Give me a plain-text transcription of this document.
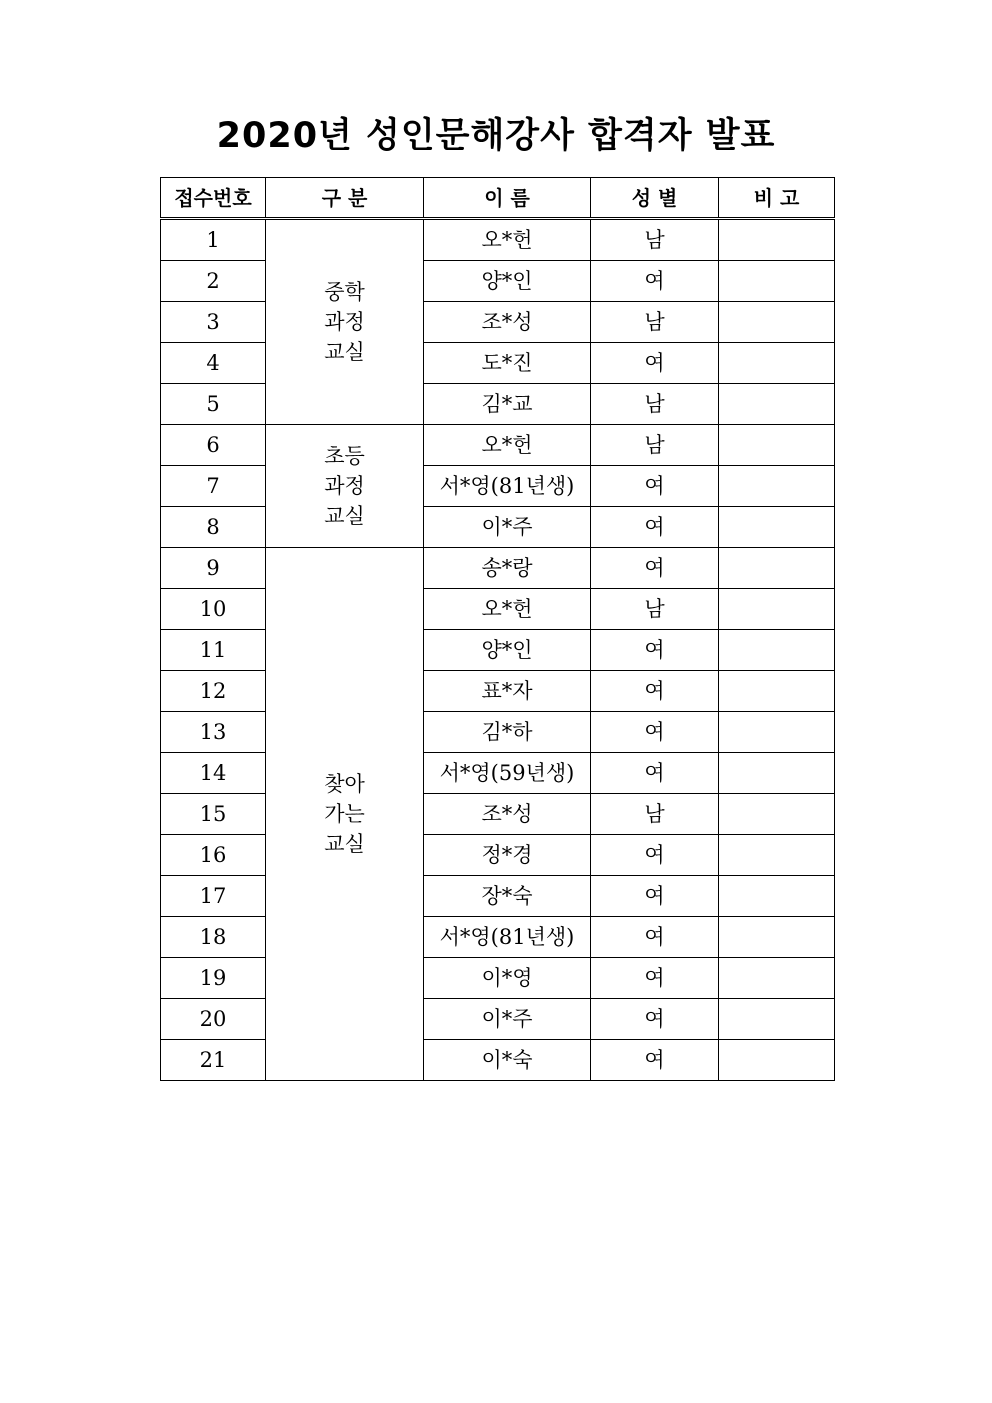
2020년 성인문해강사 합격자 발표
접수번호	구 분	이 름	성 별	비 고
1	중학과정교실	오*헌	남	
2		양*인	여	
3		조*성	남	
4		도*진	여	
5		김*교	남	
6	초등과정교실	오*헌	남	
7		서*영(81년생)	여	
8		이*주	여	
9	찾아가는교실	송*랑	여	
10		오*헌	남	
11		양*인	여	
12		표*자	여	
13		김*하	여	
14		서*영(59년생)	여	
15		조*성	남	
16		정*경	여	
17		장*숙	여	
18		서*영(81년생)	여	
19		이*영	여	
20		이*주	여	
21		이*숙	여	
